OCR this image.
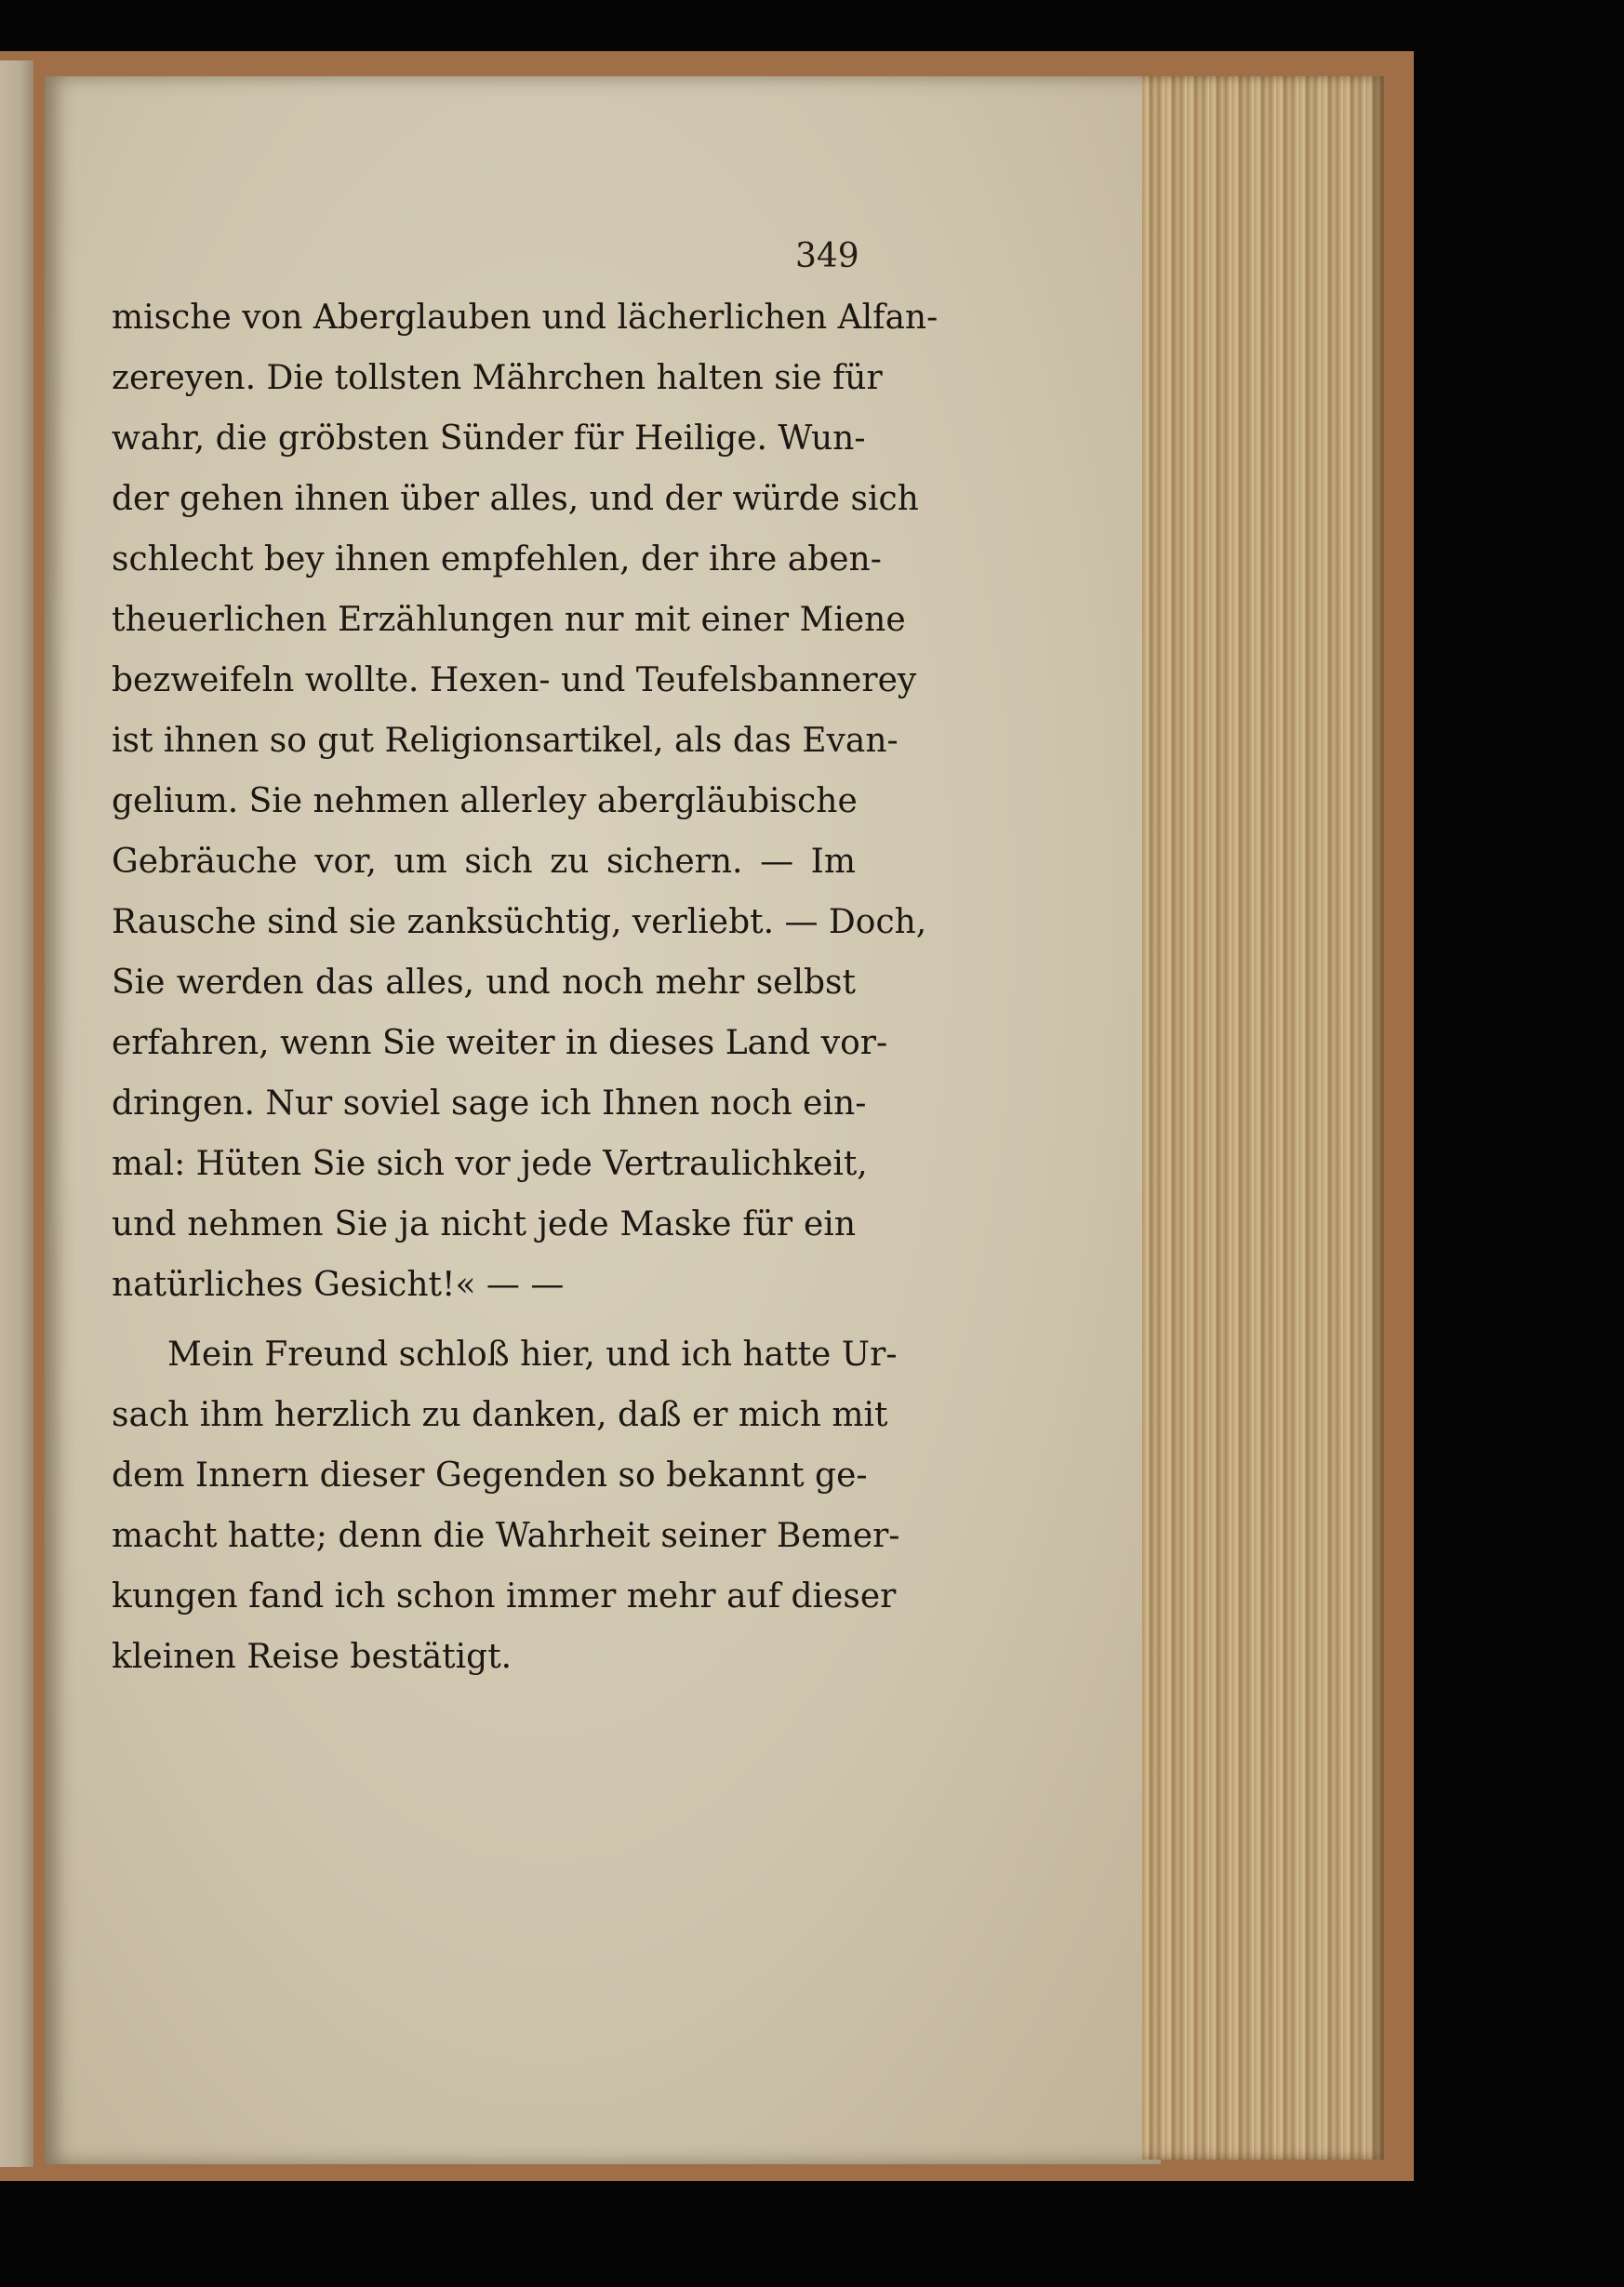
349
mische von Aberglauben und lächerlichen Alfan-
zereyen. Die tollsten Mährchen halten sie für
wahr, die gröbsten Sünder für Heilige. Wun-
der gehen ihnen über alles, und der würde sich
schlecht bey ihnen empfehlen, der ihre aben-
theuerlichen Erzählungen nur mit einer Miene
bezweifeln wollte. Hexen- und Teufelsbannerey
ist ihnen so gut Religionsartikel, als das Evan-
gelium. Sie nehmen allerley abergläubische
Gebräuche vor, um sich zu sichern. — Im
Rausche sind sie zanksüchtig, verliebt. — Doch,
Sie werden das alles, und noch mehr selbst
erfahren, wenn Sie weiter in dieses Land vor-
dringen. Nur soviel sage ich Ihnen noch ein-
mal: Hüten Sie sich vor jede Vertraulichkeit,
und nehmen Sie ja nicht jede Maske für ein
natürliches Gesicht!« — —
Mein Freund schloß hier, und ich hatte Ur-
sach ihm herzlich zu danken, daß er mich mit
dem Innern dieser Gegenden so bekannt ge-
macht hatte; denn die Wahrheit seiner Bemer-
kungen fand ich schon immer mehr auf dieser
kleinen Reise bestätigt.
